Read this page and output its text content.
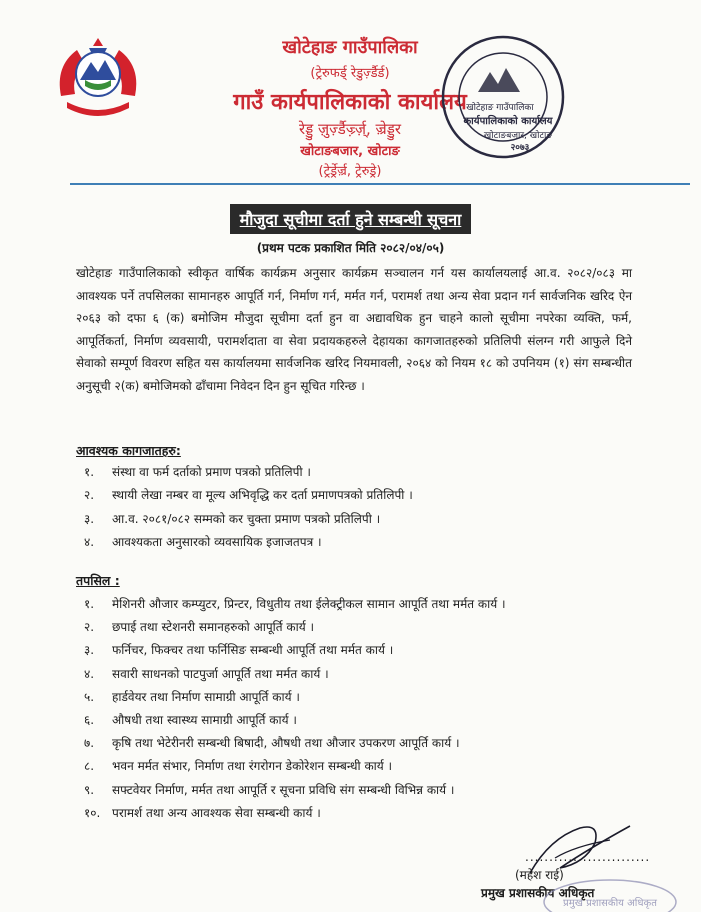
खोटेहाङ गाउँपालिका
(ट्रेरुफर्ड् रेडुर्ज़्डैर्ड)
गाउँ कार्यपालिकाको कार्यालय
रेड्डु ज़ुर्ज़्डैर्ज़्र्ज़्, ज़्रेड्डुर
खोटाङबजार, खोटाङ
(ट्रेर्ड्रेर्ज़्र, ट्रेरुड्रे)
खोटेहाङ गाउँपालिका
कार्यपालिकाको कार्यालय
खोटाङबजार, खोटाङ
२०७३
मौजुदा सूचीमा दर्ता हुने सम्बन्धी सूचना
(प्रथम पटक प्रकाशित मिति २०८२/०४/०५)

खोटेहाङ गाउँपालिकाको स्वीकृत वार्षिक कार्यक्रम अनुसार कार्यक्रम सञ्चालन गर्न यस कार्यालयलाई आ.व. २०८२/०८३ मा आवश्यक पर्ने तपसिलका सामानहरु आपूर्ति गर्न, निर्माण गर्न, मर्मत गर्न, परामर्श तथा अन्य सेवा प्रदान गर्न सार्वजनिक खरिद ऐन २०६३ को दफा ६ (क) बमोजिम मौजुदा सूचीमा दर्ता हुन वा अद्यावधिक हुन चाहने कालो सूचीमा नपरेका व्यक्ति, फर्म, आपूर्तिकर्ता, निर्माण व्यवसायी, परामर्शदाता वा सेवा प्रदायकहरुले देहायका कागजातहरुको प्रतिलिपी संलग्न गरी आफुले दिने सेवाको सम्पूर्ण विवरण सहित यस कार्यालयमा सार्वजनिक खरिद नियमावली, २०६४ को नियम १८ को उपनियम (१) संग सम्बन्धीत अनुसूची २(क) बमोजिमको ढाँचामा निवेदन दिन हुन सूचित गरिन्छ ।

आवश्यक कागजातहरु:
१. संस्था वा फर्म दर्ताको प्रमाण पत्रको प्रतिलिपी ।
२. स्थायी लेखा नम्बर वा मूल्य अभिवृद्धि कर दर्ता प्रमाणपत्रको प्रतिलिपी ।
३. आ.व. २०८१/०८२ सम्मको कर चुक्ता प्रमाण पत्रको प्रतिलिपी ।
४. आवश्यकता अनुसारको व्यवसायिक इजाजतपत्र ।
तपसिल :
१. मेशिनरी औजार कम्प्युटर, प्रिन्टर, विधुतीय तथा ईलेक्ट्रीकल सामान आपूर्ति तथा मर्मत कार्य ।
२. छपाई तथा स्टेशनरी समानहरुको आपूर्ति कार्य ।
३. फर्निचर, फिक्चर तथा फर्निसिङ सम्बन्धी आपूर्ति तथा मर्मत कार्य ।
४. सवारी साधनको पाटपुर्जा आपूर्ति तथा मर्मत कार्य ।
५. हार्डवेयर तथा निर्माण सामाग्री आपूर्ति कार्य ।
६. औषधी तथा स्वास्थ्य सामाग्री आपूर्ति कार्य ।
७. कृषि तथा भेटेरीनरी सम्बन्धी बिषादी, औषधी तथा औजार उपकरण आपूर्ति कार्य ।
८. भवन मर्मत संभार, निर्माण तथा रंगरोगन डेकोरेशन सम्बन्धी कार्य ।
९. सफ्टवेयर निर्माण, मर्मत तथा आपूर्ति र सूचना प्रविधि संग सम्बन्धी विभिन्न कार्य ।
१०. परामर्श तथा अन्य आवश्यक सेवा सम्बन्धी कार्य ।
..........................
(महेश राई)
प्रमुख प्रशासकीय अधिकृत
प्रमुख प्रशासकीय अधिकृत
